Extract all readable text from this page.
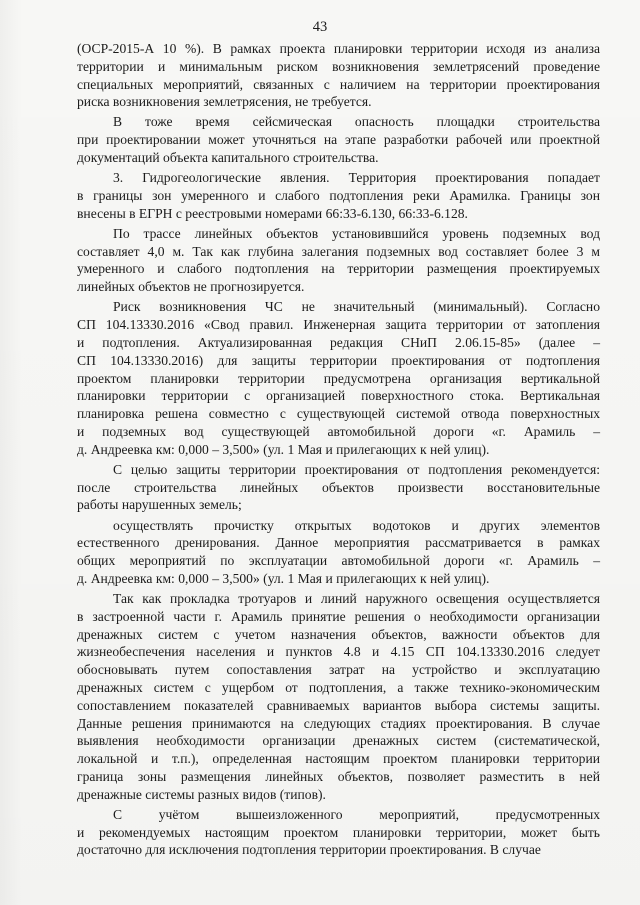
43
(ОСР-2015-А 10 %). В рамках проекта планировки территории исходя из анализа
территории и минимальным риском возникновения землетрясений проведение
специальных мероприятий, связанных с наличием на территории проектирования
риска возникновения землетрясения, не требуется.
В тоже время сейсмическая опасность площадки строительства
при проектировании может уточняться на этапе разработки рабочей или проектной
документаций объекта капитального строительства.
3. Гидрогеологические явления. Территория проектирования попадает
в границы зон умеренного и слабого подтопления реки Арамилка. Границы зон
внесены в ЕГРН с реестровыми номерами 66:33-6.130, 66:33-6.128.
По трассе линейных объектов установившийся уровень подземных вод
составляет 4,0 м. Так как глубина залегания подземных вод составляет более 3 м
умеренного и слабого подтопления на территории размещения проектируемых
линейных объектов не прогнозируется.
Риск возникновения ЧС не значительный (минимальный). Согласно
СП 104.13330.2016 «Свод правил. Инженерная защита территории от затопления
и подтопления. Актуализированная редакция СНиП 2.06.15-85» (далее –
СП 104.13330.2016) для защиты территории проектирования от подтопления
проектом планировки территории предусмотрена организация вертикальной
планировки территории с организацией поверхностного стока. Вертикальная
планировка решена совместно с существующей системой отвода поверхностных
и подземных вод существующей автомобильной дороги «г. Арамиль –
д. Андреевка км: 0,000 – 3,500» (ул. 1 Мая и прилегающих к ней улиц).
С целью защиты территории проектирования от подтопления рекомендуется:
после строительства линейных объектов произвести восстановительные
работы нарушенных земель;
осуществлять прочистку открытых водотоков и других элементов
естественного дренирования. Данное мероприятия рассматривается в рамках
общих мероприятий по эксплуатации автомобильной дороги «г. Арамиль –
д. Андреевка км: 0,000 – 3,500» (ул. 1 Мая и прилегающих к ней улиц).
Так как прокладка тротуаров и линий наружного освещения осуществляется
в застроенной части г. Арамиль принятие решения о необходимости организации
дренажных систем с учетом назначения объектов, важности объектов для
жизнеобеспечения населения и пунктов 4.8 и 4.15 СП 104.13330.2016 следует
обосновывать путем сопоставления затрат на устройство и эксплуатацию
дренажных систем с ущербом от подтопления, а также технико-экономическим
сопоставлением показателей сравниваемых вариантов выбора системы защиты.
Данные решения принимаются на следующих стадиях проектирования. В случае
выявления необходимости организации дренажных систем (систематической,
локальной и т.п.), определенная настоящим проектом планировки территории
граница зоны размещения линейных объектов, позволяет разместить в ней
дренажные системы разных видов (типов).
С учётом вышеизложенного мероприятий, предусмотренных
и рекомендуемых настоящим проектом планировки территории, может быть
достаточно для исключения подтопления территории проектирования. В случае
